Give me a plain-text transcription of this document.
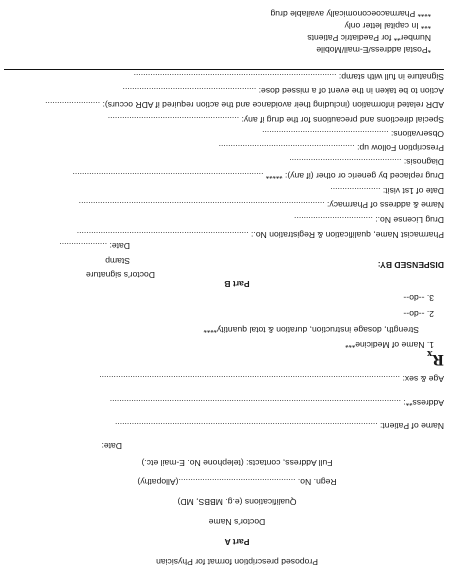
Proposed prescription format for Physician
Part A
Doctor's Name
Qualifications (e.g. MBBS, MD)
Regn. No. .................................................(Allopathy)
Full Address, contacts: (telephone No. E-mail etc.)
Date:
Name of Patient: ..............................................................................................................
Address**: ..........................................................................................................................
Age & sex: ..............................................................................................................................
$R_x$
1. Name of Medicine***
Strength, dosage instruction, duration & total quantity****
2. --do--
3. --do--
Doctor's signature
Stamp
Part B
DISPENSED BY:
Date: ....................
Pharmacist Name, qualification & Registration No.: ........................................................................
Drug License No.: .................................
Name & address of Pharmacy: .......................................................................................................
Date of 1st visit: .....................
Drug replaced by generic or other (if any): ***** ................................................................................
Diagnosis: ...............................................
Prescription Follow up: .........................................................
Observations: .....................................................
Special directions and precautions for the drug if any: .......................................................
ADR related information (including their avoidance and the action required if ADR occurs): .......................
Action to be taken in the event of a missed dose: ........................................................
Signature in full with stamp: .....................................................................................
*Postal address/E-mail/Mobile
Number** for Paediatric Patients
*** In capital letter only
**** Pharmacoeconomically available drug
